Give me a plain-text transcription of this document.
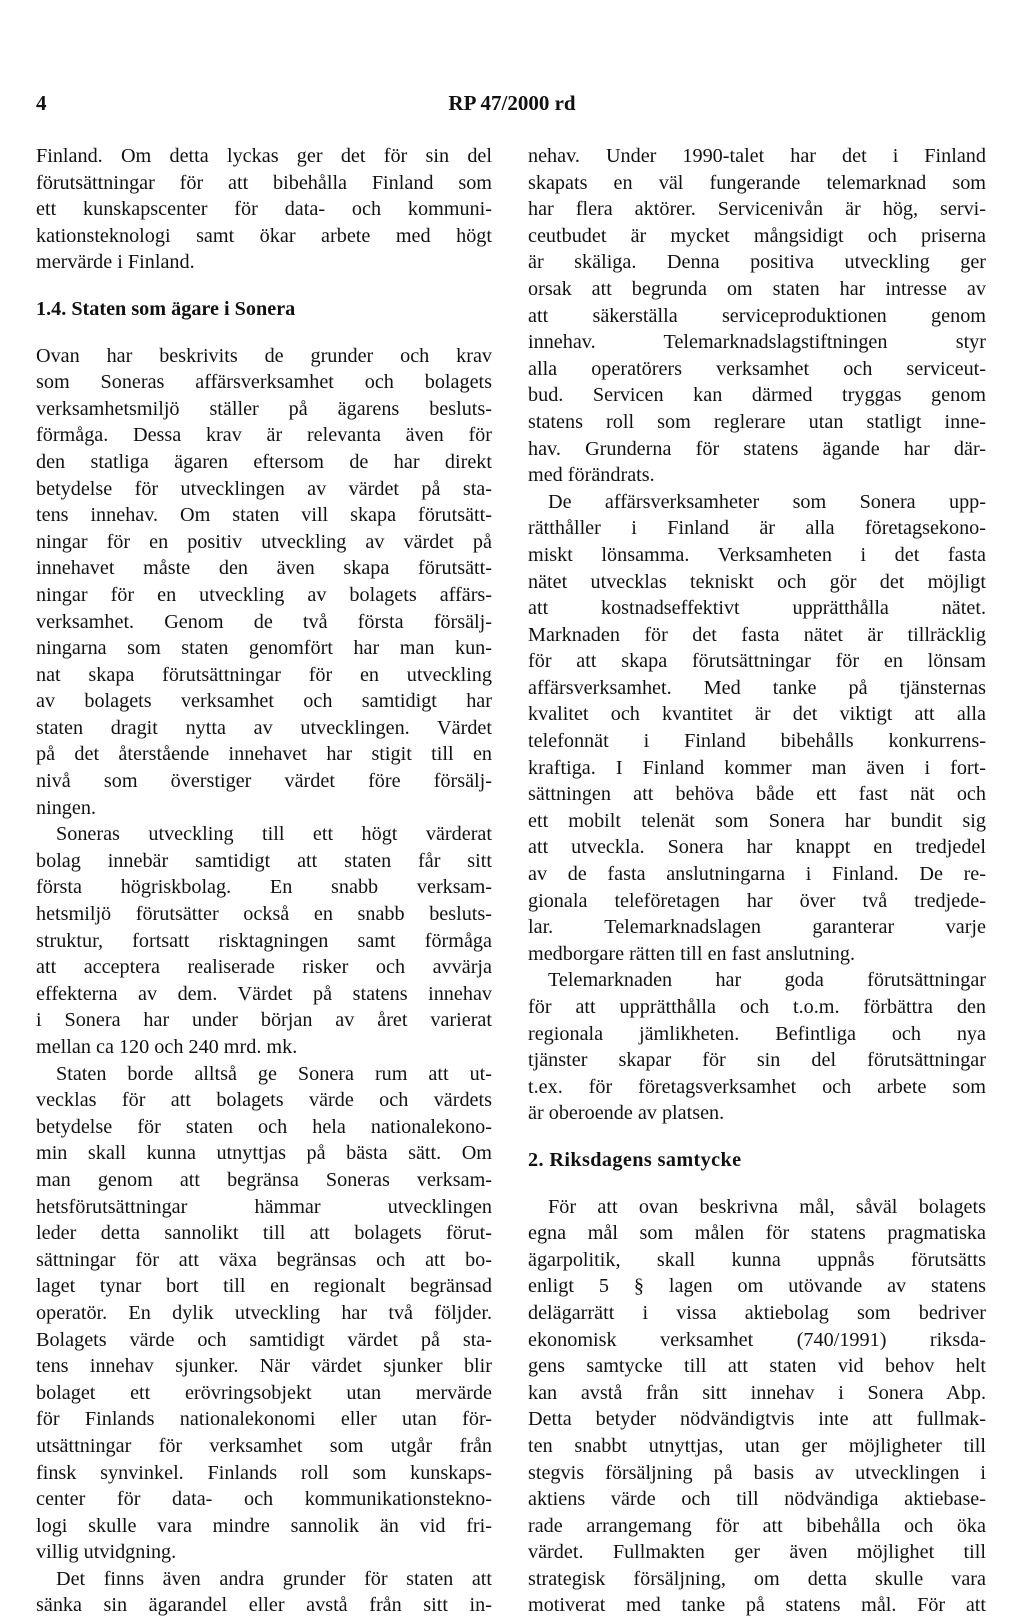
4	RP 47/2000 rd
Finland. Om detta lyckas ger det för sin del
förutsättningar för att bibehålla Finland som
ett kunskapscenter för data- och kommuni-
kationsteknologi samt ökar arbete med högt
mervärde i Finland.
1.4. Staten som ägare i Sonera
Ovan har beskrivits de grunder och krav
som Soneras affärsverksamhet och bolagets
verksamhetsmiljö ställer på ägarens besluts-
förmåga. Dessa krav är relevanta även för
den statliga ägaren eftersom de har direkt
betydelse för utvecklingen av värdet på sta-
tens innehav. Om staten vill skapa förutsätt-
ningar för en positiv utveckling av värdet på
innehavet måste den även skapa förutsätt-
ningar för en utveckling av bolagets affärs-
verksamhet. Genom de två första försälj-
ningarna som staten genomfört har man kun-
nat skapa förutsättningar för en utveckling
av bolagets verksamhet och samtidigt har
staten dragit nytta av utvecklingen. Värdet
på det återstående innehavet har stigit till en
nivå som överstiger värdet före försälj-
ningen.
Soneras utveckling till ett högt värderat
bolag innebär samtidigt att staten får sitt
första högriskbolag. En snabb verksam-
hetsmiljö förutsätter också en snabb besluts-
struktur, fortsatt risktagningen samt förmåga
att acceptera realiserade risker och avvärja
effekterna av dem. Värdet på statens innehav
i Sonera har under början av året varierat
mellan ca 120 och 240 mrd. mk.
Staten borde alltså ge Sonera rum att ut-
vecklas för att bolagets värde och värdets
betydelse för staten och hela nationalekono-
min skall kunna utnyttjas på bästa sätt. Om
man genom att begränsa Soneras verksam-
hetsförutsättningar hämmar utvecklingen
leder detta sannolikt till att bolagets förut-
sättningar för att växa begränsas och att bo-
laget tynar bort till en regionalt begränsad
operatör. En dylik utveckling har två följder.
Bolagets värde och samtidigt värdet på sta-
tens innehav sjunker. När värdet sjunker blir
bolaget ett erövringsobjekt utan mervärde
för Finlands nationalekonomi eller utan för-
utsättningar för verksamhet som utgår från
finsk synvinkel. Finlands roll som kunskaps-
center för data- och kommunikationstekno-
logi skulle vara mindre sannolik än vid fri-
villig utvidgning.
Det finns även andra grunder för staten att
sänka sin ägarandel eller avstå från sitt in-
nehav. Under 1990-talet har det i Finland
skapats en väl fungerande telemarknad som
har flera aktörer. Servicenivån är hög, servi-
ceutbudet är mycket mångsidigt och priserna
är skäliga. Denna positiva utveckling ger
orsak att begrunda om staten har intresse av
att säkerställa serviceproduktionen genom
innehav. Telemarknadslagstiftningen styr
alla operatörers verksamhet och serviceut-
bud. Servicen kan därmed tryggas genom
statens roll som reglerare utan statligt inne-
hav. Grunderna för statens ägande har där-
med förändrats.
De affärsverksamheter som Sonera upp-
rätthåller i Finland är alla företagsekono-
miskt lönsamma. Verksamheten i det fasta
nätet utvecklas tekniskt och gör det möjligt
att kostnadseffektivt upprätthålla nätet.
Marknaden för det fasta nätet är tillräcklig
för att skapa förutsättningar för en lönsam
affärsverksamhet. Med tanke på tjänsternas
kvalitet och kvantitet är det viktigt att alla
telefonnät i Finland bibehålls konkurrens-
kraftiga. I Finland kommer man även i fort-
sättningen att behöva både ett fast nät och
ett mobilt telenät som Sonera har bundit sig
att utveckla. Sonera har knappt en tredjedel
av de fasta anslutningarna i Finland. De re-
gionala teleföretagen har över två tredjede-
lar. Telemarknadslagen garanterar varje
medborgare rätten till en fast anslutning.
Telemarknaden har goda förutsättningar
för att upprätthålla och t.o.m. förbättra den
regionala jämlikheten. Befintliga och nya
tjänster skapar för sin del förutsättningar
t.ex. för företagsverksamhet och arbete som
är oberoende av platsen.
2. Riksdagens samtycke
För att ovan beskrivna mål, såväl bolagets
egna mål som målen för statens pragmatiska
ägarpolitik, skall kunna uppnås förutsätts
enligt 5 § lagen om utövande av statens
delägarrätt i vissa aktiebolag som bedriver
ekonomisk verksamhet (740/1991) riksda-
gens samtycke till att staten vid behov helt
kan avstå från sitt innehav i Sonera Abp.
Detta betyder nödvändigtvis inte att fullmak-
ten snabbt utnyttjas, utan ger möjligheter till
stegvis försäljning på basis av utvecklingen i
aktiens värde och till nödvändiga aktiebase-
rade arrangemang för att bibehålla och öka
värdet. Fullmakten ger även möjlighet till
strategisk försäljning, om detta skulle vara
motiverat med tanke på statens mål. För att
